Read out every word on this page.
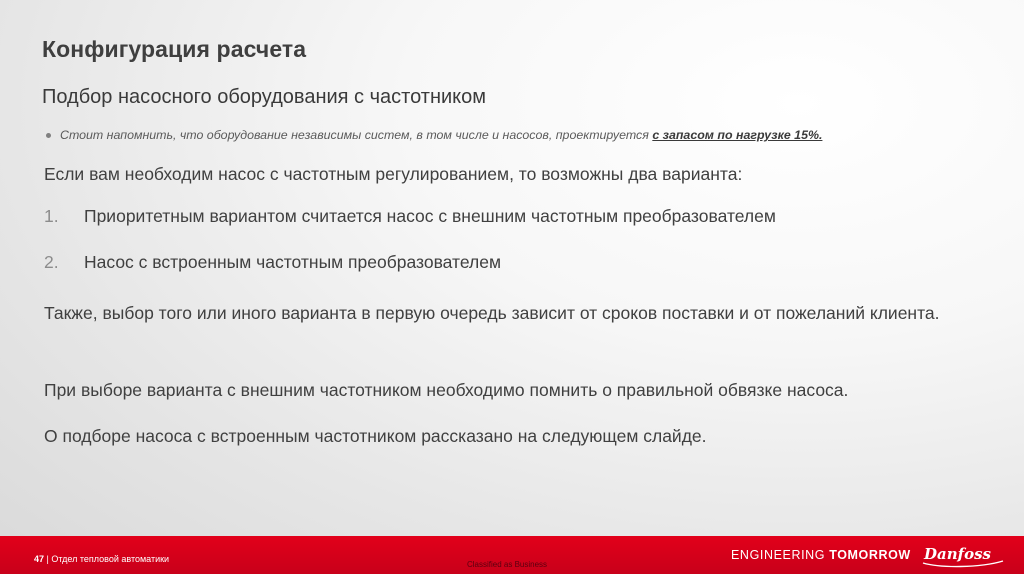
Конфигурация расчета
Подбор насосного оборудования с частотником
Стоит напомнить, что оборудование независимы систем, в том числе и насосов, проектируется
с запасом по нагрузке 15%.
Если вам необходим насос с частотным регулированием, то возможны два варианта:
1.	Приоритетным вариантом считается насос с внешним частотным преобразователем
2.	Насос с встроенным частотным преобразователем
Также, выбор того или иного варианта в первую очередь зависит от сроков поставки и от пожеланий клиента.
При выборе варианта с внешним частотником необходимо помнить о правильной обвязке насоса.
О подборе насоса с встроенным частотником рассказано на следующем слайде.
47 | Отдел тепловой автоматики
Classified as Business
ENGINEERING TOMORROW Danfoss
